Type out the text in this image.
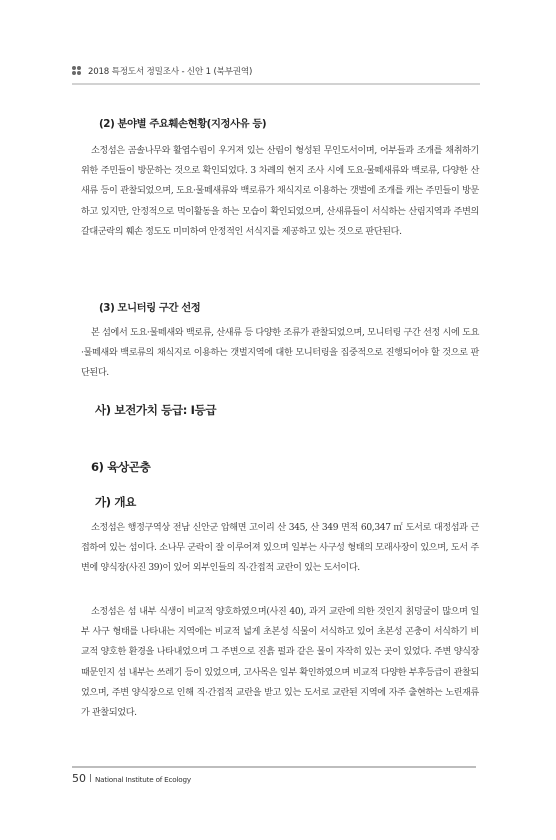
2018 특정도서 정밀조사 - 신안 1 (북부권역)
(2) 분야별 주요훼손현황(지정사유 등)
소정섬은 곰솔나무와 활엽수림이 우거져 있는 산림이 형성된 무인도서이며, 어부들과 조개를 채취하기 위한 주민들이 방문하는 것으로 확인되었다. 3 차례의 현지 조사 시에 도요·물떼새류와 백로류, 다양한 산새류 등이 관찰되었으며, 도요·물떼새류와 백로류가 채식지로 이용하는 갯벌에 조개를 캐는 주민들이 방문하고 있지만, 안정적으로 먹이활동을 하는 모습이 확인되었으며, 산새류들이 서식하는 산림지역과 주변의 갈대군락의 훼손 정도도 미미하여 안정적인 서식지를 제공하고 있는 것으로 판단된다.
(3) 모니터링 구간 선정
본 섬에서 도요·물떼새와 백로류, 산새류 등 다양한 조류가 관찰되었으며, 모니터링 구간 선정 시에 도요·물떼새와 백로류의 채식지로 이용하는 갯벌지역에 대한 모니터링을 집중적으로 진행되어야 할 것으로 판단된다.
사) 보전가치 등급: Ⅰ등급
6) 육상곤충
가) 개요
소정섬은 행정구역상 전남 신안군 압해면 고이리 산 345, 산 349 면적 60,347 ㎡ 도서로 대정섬과 근접하여 있는 섬이다. 소나무 군락이 잘 이루어져 있으며 일부는 사구성 형태의 모래사장이 있으며, 도서 주변에 양식장(사진 39)이 있어 외부인들의 직·간접적 교란이 있는 도서이다.
소정섬은 섬 내부 식생이 비교적 양호하였으며(사진 40), 과거 교란에 의한 것인지 칡덩굴이 많으며 일부 사구 형태를 나타내는 지역에는 비교적 넓게 초본성 식물이 서식하고 있어 초본성 곤충이 서식하기 비교적 양호한 환경을 나타내었으며 그 주변으로 진흙 펄과 같은 물이 자작히 있는 곳이 있었다. 주변 양식장 때문인지 섬 내부는 쓰레기 등이 있었으며, 고사목은 일부 확인하였으며 비교적 다양한 부후등급이 관찰되었으며, 주변 양식장으로 인해 직·간접적 교란을 받고 있는 도서로 교란된 지역에 자주 출현하는 노린재류가 관찰되었다.
50 National Institute of Ecology
